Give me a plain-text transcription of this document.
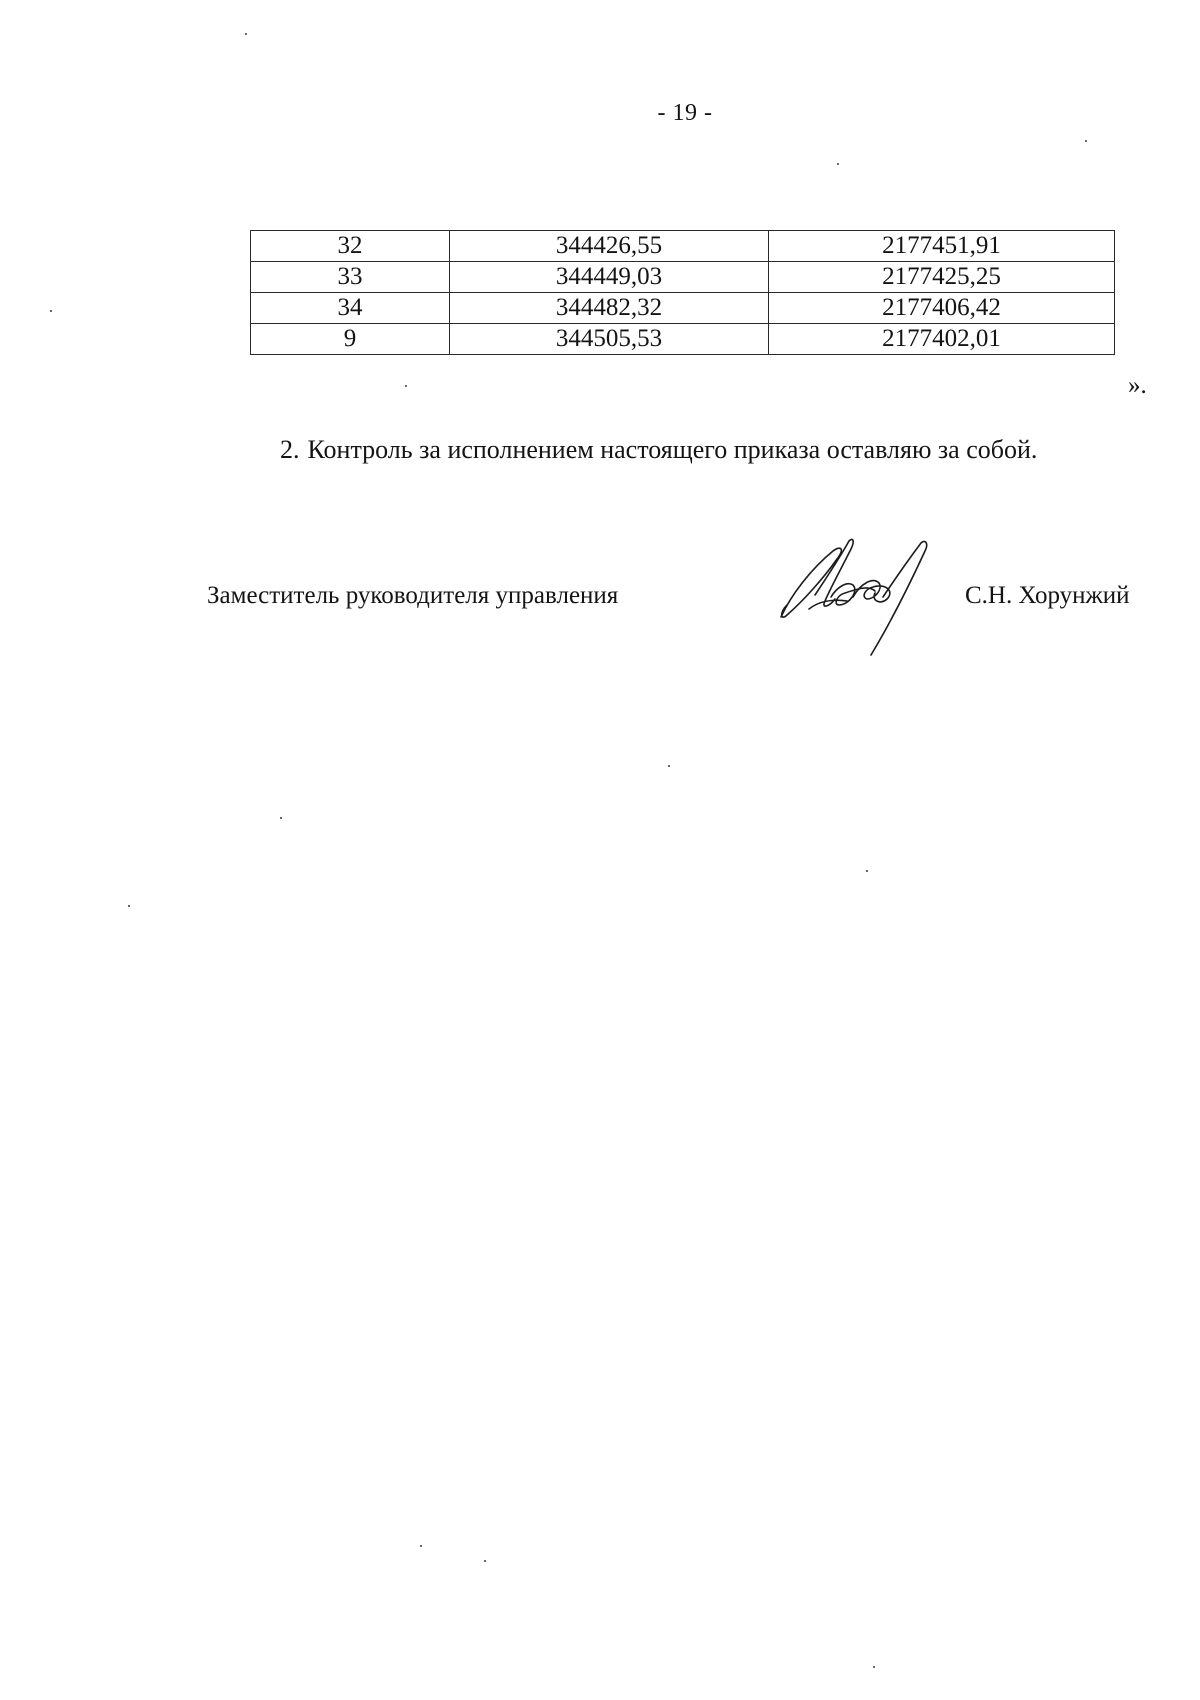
- 19 -
32	344426,55	2177451,91
33	344449,03	2177425,25
34	344482,32	2177406,42
9	344505,53	2177402,01
».
2. Контроль за исполнением настоящего приказа оставляю за собой.
Заместитель руководителя управления	С.Н. Хорунжий
